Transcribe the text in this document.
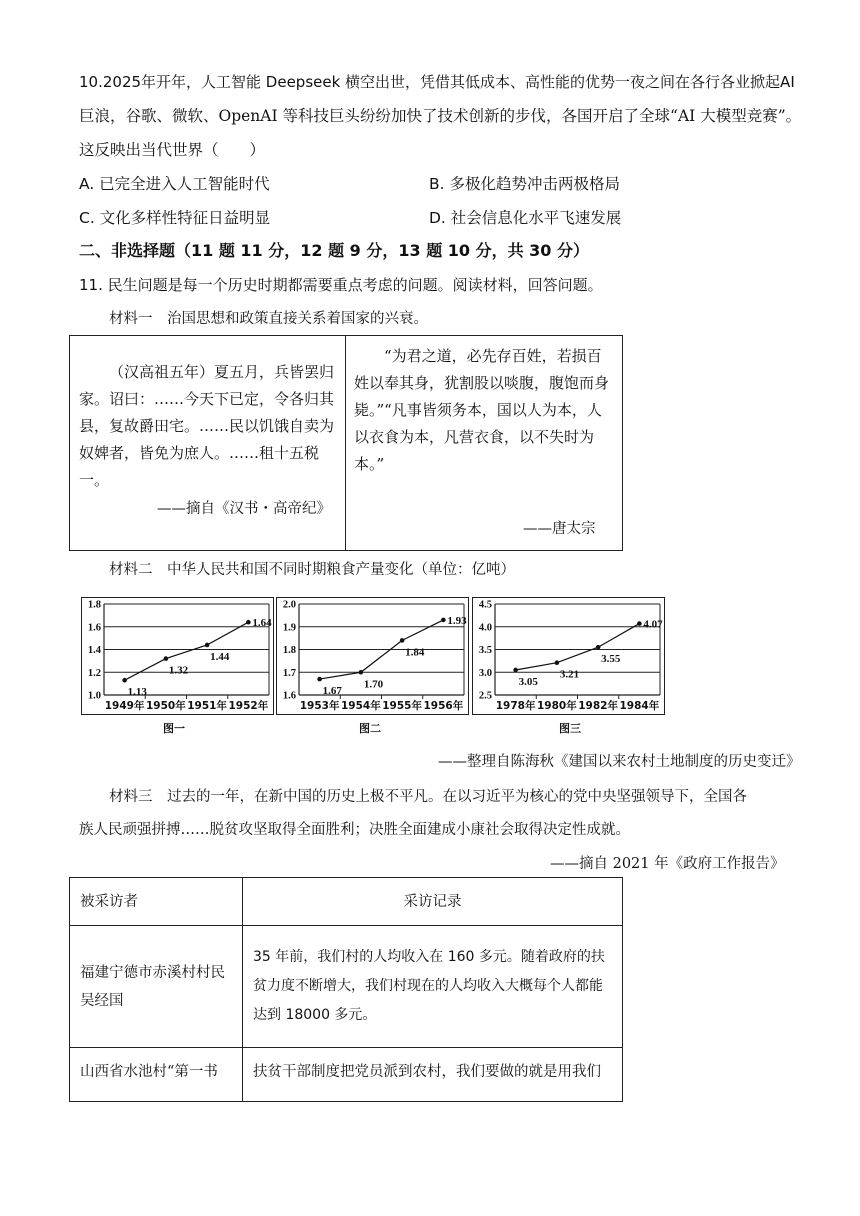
10.2025年开年，人工智能 Deepseek 横空出世，凭借其低成本、高性能的优势一夜之间在各行各业掀起AI
巨浪，谷歌、微软、OpenAI 等科技巨头纷纷加快了技术创新的步伐，各国开启了全球“AI 大模型竞赛”。
这反映出当代世界（　　）
A. 已完全进入人工智能时代	B. 多极化趋势冲击两极格局
C. 文化多样性特征日益明显	D. 社会信息化水平飞速发展
二、非选择题（11 题 11 分，12 题 9 分，13 题 10 分，共 30 分）
11. 民生问题是每一个历史时期都需要重点考虑的问题。阅读材料，回答问题。
材料一　治国思想和政策直接关系着国家的兴衰。
（汉高祖五年）夏五月，兵皆罢归家。诏曰：……今天下已定，令各归其县，复故爵田宅。……民以饥饿自卖为奴婢者，皆免为庶人。……租十五税一。
——摘自《汉书・高帝纪》
“为君之道，必先存百姓，若损百姓以奉其身，犹割股以啖腹，腹饱而身毙。”“凡事皆须务本，国以人为本，人以衣食为本，凡营衣食，以不失时为本。”
——唐太宗
材料二　中华人民共和国不同时期粮食产量变化（单位：亿吨）
1.0
1.2
1.4
1.6
1.8
1949年 1950年 1951年 1952年
1.13
1.32
1.44
1.64
1.6
1.7
1.8
1.9
2.0
1953年 1954年 1955年 1956年
1.67
1.70
1.84
1.93
2.5
3.0
3.5
4.0
4.5
1978年 1980年 1982年 1984年
3.05
3.21
3.55
4.07
图一	图二	图三
——整理自陈海秋《建国以来农村土地制度的历史变迁》
材料三　过去的一年，在新中国的历史上极不平凡。在以习近平为核心的党中央坚强领导下，全国各
族人民顽强拼搏……脱贫攻坚取得全面胜利；决胜全面建成小康社会取得决定性成就。
——摘自 2021 年《政府工作报告》
被采访者	采访记录
福建宁德市赤溪村村民吴经国	35 年前，我们村的人均收入在 160 多元。随着政府的扶贫力度不断增大，我们村现在的人均收入大概每个人都能达到 18000 多元。
山西省水池村“第一书	扶贫干部制度把党员派到农村，我们要做的就是用我们
